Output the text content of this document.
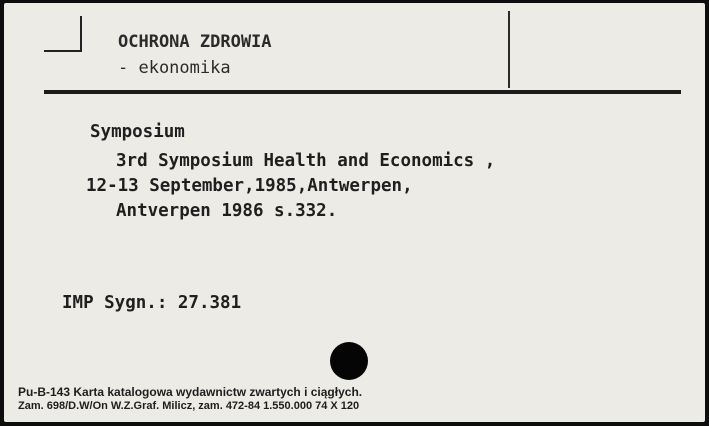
OCHRONA ZDROWIA
- ekonomika
Symposium
3rd Symposium Health and Economics ,
12-13 September,1985,Antwerpen,
Antverpen 1986 s.332.
IMP Sygn.: 27.381
Pu-B-143 Karta katalogowa wydawnictw zwartych i ciągłych.
Zam. 698/D.W/On W.Z.Graf. Milicz, zam. 472-84 1.550.000 74 X 120
